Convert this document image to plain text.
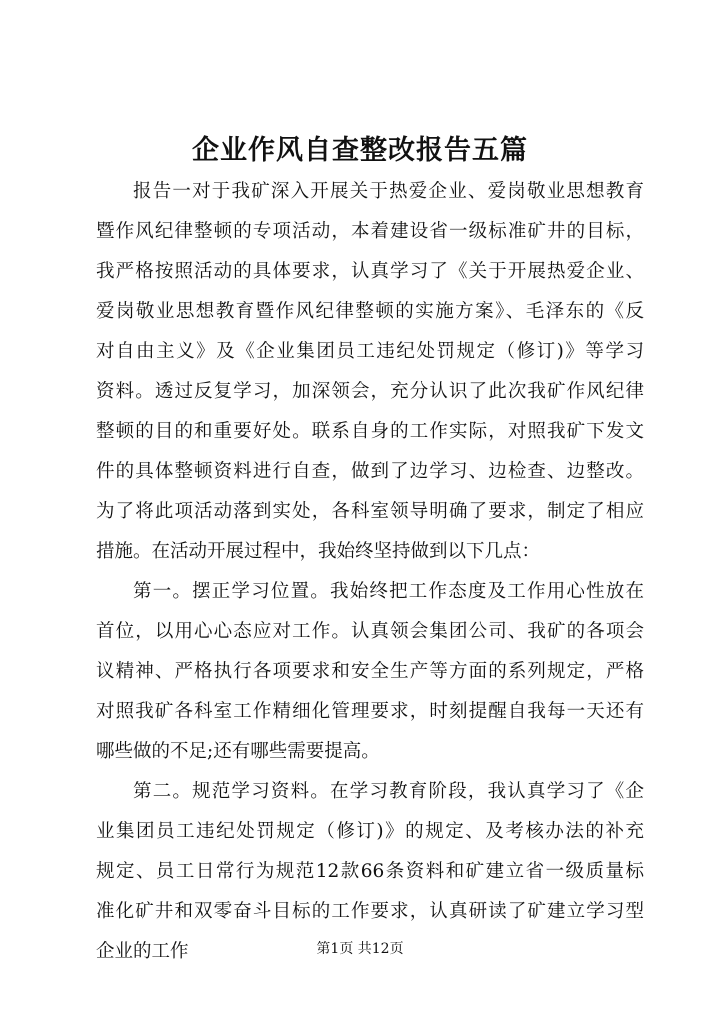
企业作风自查整改报告五篇
报告一对于我矿深入开展关于热爱企业、爱岗敬业思想教育
暨作风纪律整顿的专项活动，本着建设省一级标准矿井的目标，
我严格按照活动的具体要求，认真学习了《关于开展热爱企业、
爱岗敬业思想教育暨作风纪律整顿的实施方案》、毛泽东的《反
对自由主义》及《企业集团员工违纪处罚规定（修订)》等学习
资料。透过反复学习，加深领会，充分认识了此次我矿作风纪律
整顿的目的和重要好处。联系自身的工作实际，对照我矿下发文
件的具体整顿资料进行自查，做到了边学习、边检查、边整改。
为了将此项活动落到实处，各科室领导明确了要求，制定了相应
措施。在活动开展过程中，我始终坚持做到以下几点：
第一。摆正学习位置。我始终把工作态度及工作用心性放在
首位，以用心心态应对工作。认真领会集团公司、我矿的各项会
议精神、严格执行各项要求和安全生产等方面的系列规定，严格
对照我矿各科室工作精细化管理要求，时刻提醒自我每一天还有
哪些做的不足;还有哪些需要提高。
第二。规范学习资料。在学习教育阶段，我认真学习了《企
业集团员工违纪处罚规定（修订)》的规定、及考核办法的补充
规定、员工日常行为规范12款66条资料和矿建立省一级质量标
准化矿井和双零奋斗目标的工作要求，认真研读了矿建立学习型
企业的工作	第1页 共12页
